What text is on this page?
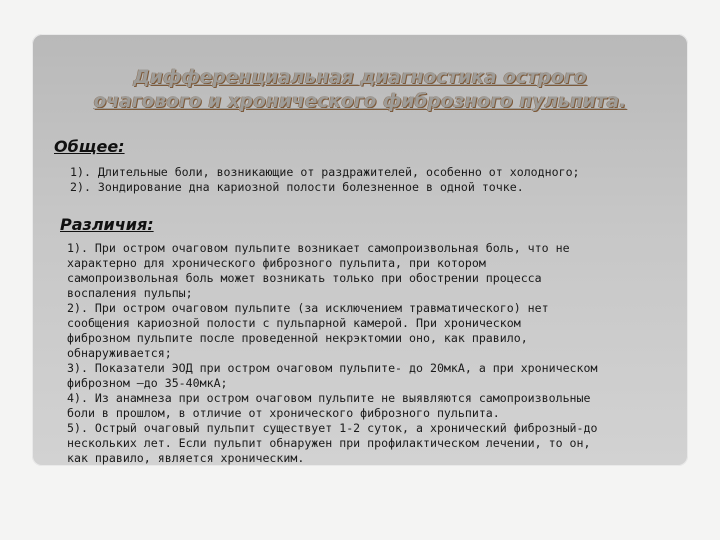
Дифференциальная диагностика острого
очагового и хронического фиброзного пульпита.
Общее:
1). Длительные боли, возникающие от раздражителей, особенно от холодного;
2). Зондирование дна кариозной полости болезненное в одной точке.
Различия:
1). При остром очаговом пульпите возникает самопроизвольная боль, что не
характерно для хронического фиброзного пульпита, при котором
самопроизвольная боль может возникать только при обострении процесса
воспаления пульпы;
2). При остром очаговом пульпите (за исключением травматического) нет
сообщения кариозной полости с пульпарной камерой. При хроническом
фиброзном пульпите после проведенной некрэктомии оно, как правило,
обнаруживается;
3). Показатели ЭОД при остром очаговом пульпите- до 20мкА, а при хроническом
фиброзном –до 35-40мкА;
4). Из анамнеза при остром очаговом пульпите не выявляются самопроизвольные
боли в прошлом, в отличие от хронического фиброзного пульпита.
5). Острый очаговый пульпит существует 1-2 суток, а хронический фиброзный-до
нескольких лет. Если пульпит обнаружен при профилактическом лечении, то он,
как правило, является хроническим.
